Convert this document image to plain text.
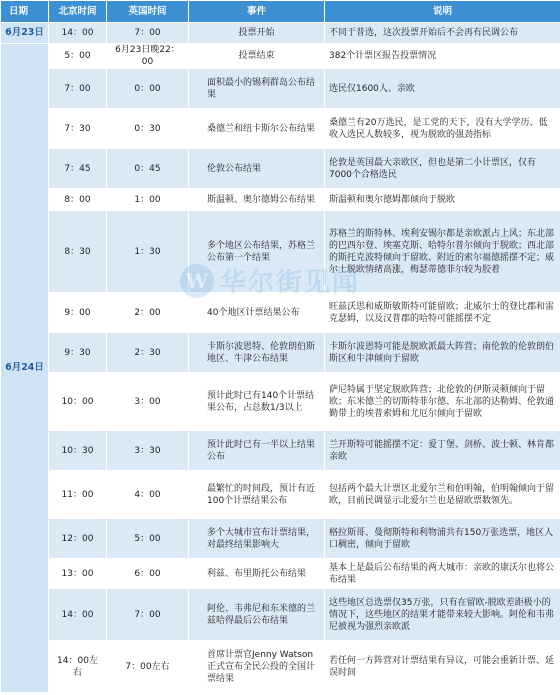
日期	北京时间	英国时间	事件	说明
6月23日	14：00	7：00	投票开始	不同于普选，这次投票开始后不会再有民调公布
6月24日	5：00	6月23日晚22：00	投票结束	382个计票区报告投票情况
	7：00	0：00	面积最小的锡利群岛公布结果	选民仅1600人、亲欧
	7：30	0：30	桑德兰和纽卡斯尔公布结果	桑德兰有20万选民，是工党的天下，没有大学学历、低收入选民人数较多，视为脱欧的强劲指标
	7：45	0：45	伦敦公布结果	伦敦是英国最大亲欧区，但也是第二小计票区，仅有7000个合格选民
	8：00	1：00	斯温顿、奥尔德姆公布结果	斯温顿和奥尔德姆都倾向于脱欧
	8：30	1：30	多个地区公布结果，苏格兰公布第一个结果	苏格兰的斯特林、埃利安锡尔都是亲欧派占上风；东北部的巴西尔登、埃塞克斯、哈特尔普尔倾向于脱欧；西北部的斯托克波特倾向于留欧、附近的索尔福德摇摆不定；威尔士脱欧情绪高涨，梅瑟蒂德菲尔较为胶着
	9：00	2：00	40个地区计票结果公布	旺兹沃思和威斯敏斯特可能留欧；北威尔士的登比郡和雷克瑟姆，以及汉普郡的哈特可能摇摆不定
	9：30	2：30	卡斯尔波恩特、伦敦朗伯斯地区、牛津公布结果	卡斯尔波恩特可能是脱欧派最大阵营；南伦敦的伦敦朗伯斯区和牛津倾向于留欧
	10：00	3：00	预计此时已有140个计票结果公布，占总数1/3以上	萨尼特属于坚定脱欧阵营；北伦敦的伊斯灵顿倾向于留欧；东米德兰的切斯特菲尔德、东北部的达勒姆、伦敦通勤带上的埃普索姆和尤厄尔倾向于留欧
	10：30	3：30	预计此时已有一半以上结果公布	兰开斯特可能摇摆不定：爱丁堡、剑桥、波士顿、林肯都亲欧
	11：00	4：00	最繁忙的时间段，预计有近100个计票结果公布	包括两个最大计票区北爱尔兰和伯明翰，伯明翰倾向于留欧，目前民调显示北爱尔兰也是留欧票数领先。
	12：00	5：00	多个大城市宣布计票结果，对最终结果影响大	格拉斯哥、曼彻斯特和利物浦共有150万张选票，地区人口稠密，倾向于留欧
	13：00	6：00	利兹、布里斯托公布结果	基本上是最后公布结果的两大城市：亲欧的康沃尔也将公布结果
	14：00	7：00	阿伦、韦弗尼和东米德的兰兹哈得最后公布结果	这些地区总选票仅35万张，只有在留欧-脱欧差距极小的情况下，这些地区的结果才能带来较大影响。阿伦和韦弗尼被视为强烈亲欧派
	14：00左右	7：00左右	首席计票官Jenny Watson正式宣布全民公投的全国计票结果	若任何一方阵营对计票结果有异议，可能会重新计票、延误时间
